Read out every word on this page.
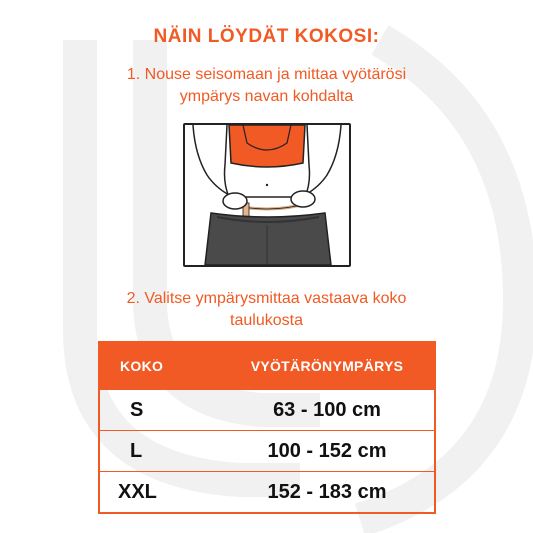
NÄIN LÖYDÄT KOKOSI:
1. Nouse seisomaan ja mittaa vyötärösi
ympärys navan kohdalta
2. Valitse ympärysmittaa vastaava koko
taulukosta
KOKO	VYÖTÄRÖNYMPÄRYS
S	63 - 100 cm
L	100 - 152 cm
XXL	152 - 183 cm
